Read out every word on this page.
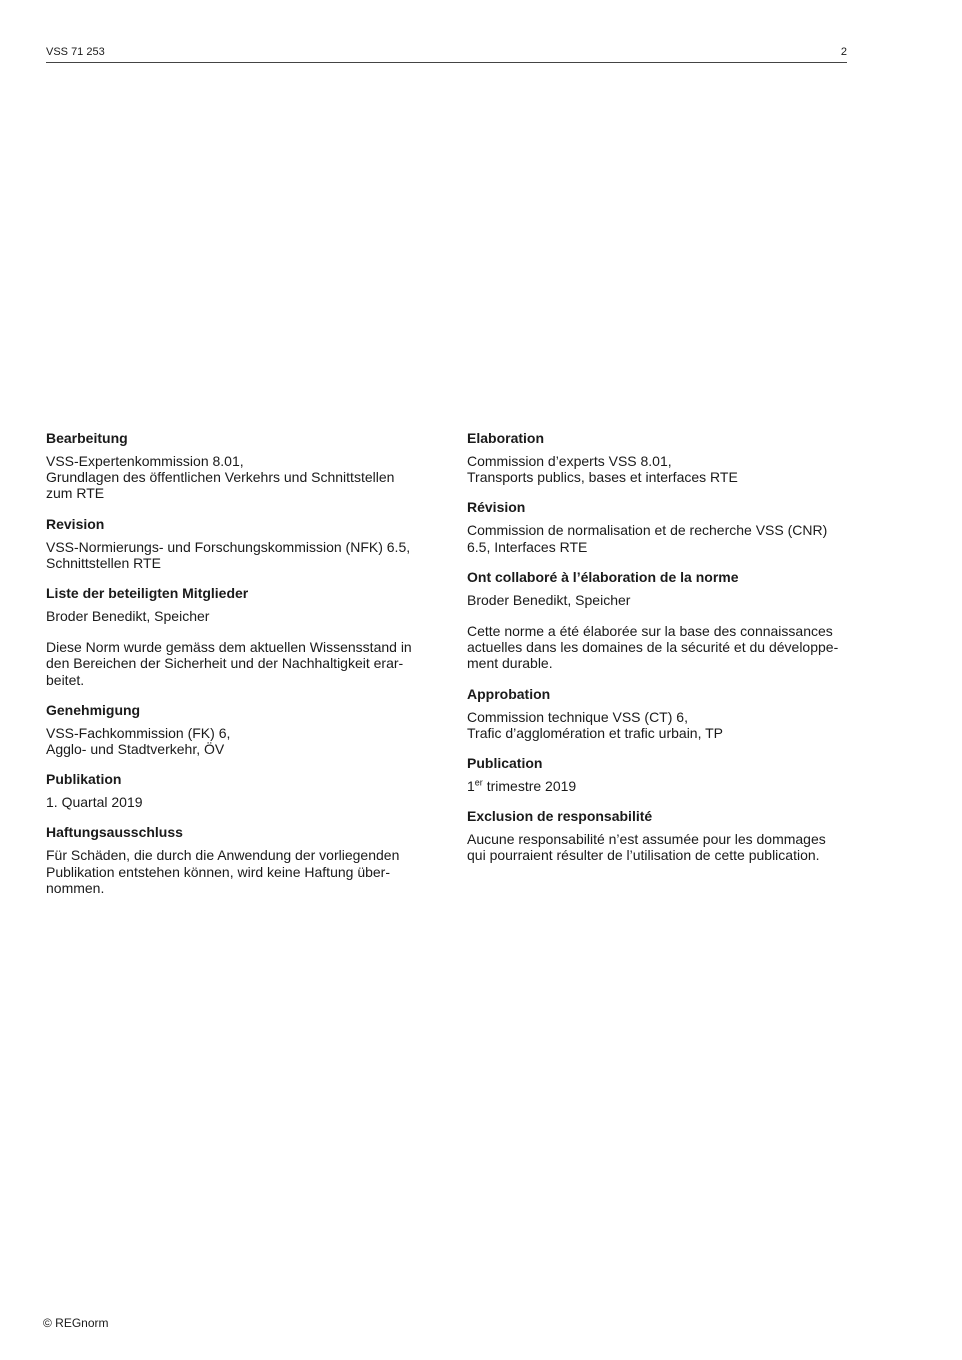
VSS 71 253	2
Bearbeitung
VSS-Expertenkommission 8.01,
Grundlagen des öffentlichen Verkehrs und Schnittstellen
zum RTE
Revision
VSS-Normierungs- und Forschungskommission (NFK) 6.5,
Schnittstellen RTE
Liste der beteiligten Mitglieder
Broder Benedikt, Speicher
Diese Norm wurde gemäss dem aktuellen Wissensstand in
den Bereichen der Sicherheit und der Nachhaltigkeit erar-
beitet.
Genehmigung
VSS-Fachkommission (FK) 6,
Agglo- und Stadtverkehr, ÖV
Publikation
1. Quartal 2019
Haftungsausschluss
Für Schäden, die durch die Anwendung der vorliegenden
Publikation entstehen können, wird keine Haftung über-
nommen.
Elaboration
Commission d’experts VSS 8.01,
Transports publics, bases et interfaces RTE
Révision
Commission de normalisation et de recherche VSS (CNR)
6.5, Interfaces RTE
Ont collaboré à l’élaboration de la norme
Broder Benedikt, Speicher
Cette norme a été élaborée sur la base des connaissances
actuelles dans les domaines de la sécurité et du développe-
ment durable.
Approbation
Commission technique VSS (CT) 6,
Trafic d’agglomération et trafic urbain, TP
Publication
1er trimestre 2019
Exclusion de responsabilité
Aucune responsabilité n’est assumée pour les dommages
qui pourraient résulter de l’utilisation de cette publication.
© REGnorm
